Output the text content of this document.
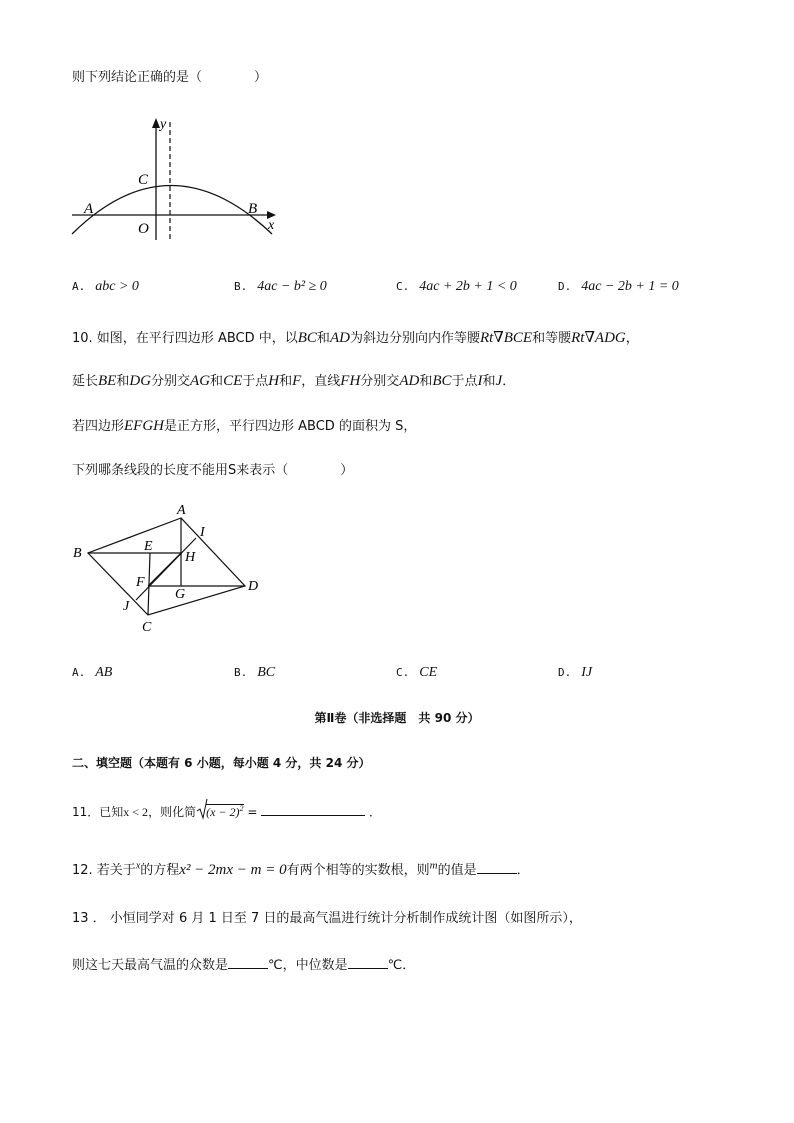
则下列结论正确的是（　　　　）
y
x
A	B
C
O
A. abc > 0	B. 4ac − b² ≥ 0	C. 4ac + 2b + 1 < 0	D. 4ac − 2b + 1 = 0
10. 如图，在平行四边形 ABCD 中，以BC和AD为斜边分别向内作等腰Rt∇BCE和等腰Rt∇ADG，
延长BE和DG分别交AG和CE于点H和F，直线FH分别交AD和BC于点I和J．
若四边形EFGH是正方形，平行四边形 ABCD 的面积为 S，
下列哪条线段的长度不能用S来表示（　　　　）
A
B
C
D
E
F
G
H
I
J
A. AB	B. BC	C. CE	D. IJ
第Ⅱ卷（非选择题　共 90 分）
二、填空题（本题有 6 小题，每小题 4 分，共 24 分）
11．已知x < 2，则化简 $(x - 2)^2$ =	．
12. 若关于$^x$的方程x² − 2mx − m = 0有两个相等的实数根，则$^m$的值是	．
13 ． 小恒同学对 6 月 1 日至 7 日的最高气温进行统计分析制作成统计图（如图所示），
则这七天最高气温的众数是	℃，中位数是	℃．
